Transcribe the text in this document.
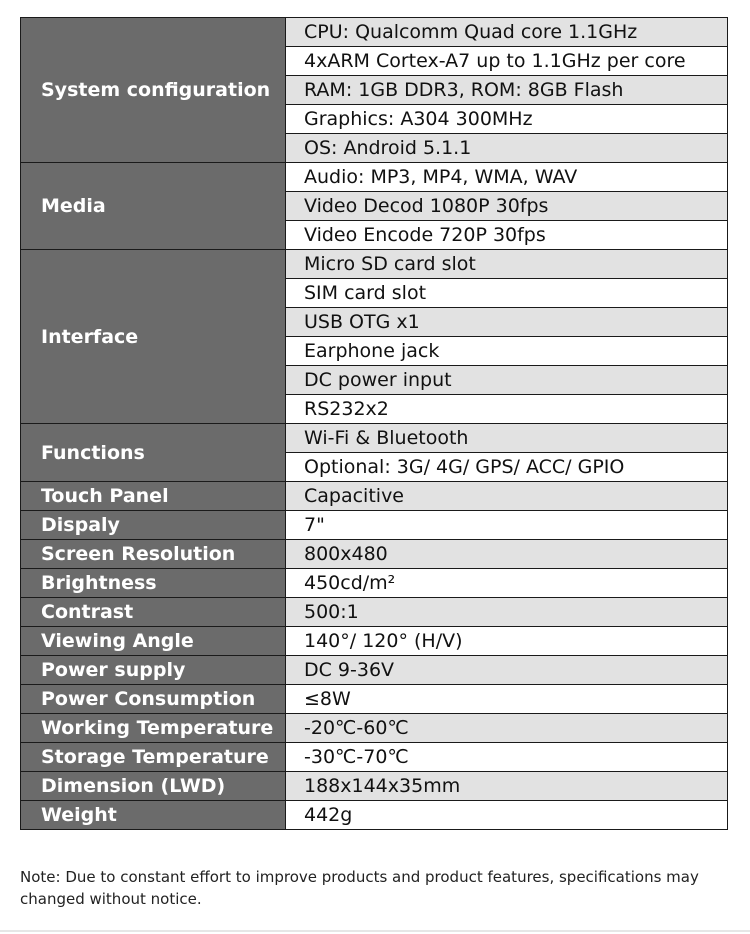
System configuration	CPU: Qualcomm Quad core 1.1GHz
	4xARM Cortex-A7 up to 1.1GHz per core
	RAM: 1GB DDR3, ROM: 8GB Flash
	Graphics: A304 300MHz
	OS: Android 5.1.1
Media	Audio: MP3, MP4, WMA, WAV
	Video Decod 1080P 30fps
	Video Encode 720P 30fps
Interface	Micro SD card slot
	SIM card slot
	USB OTG x1
	Earphone jack
	DC power input
	RS232x2
Functions	Wi-Fi & Bluetooth
	Optional: 3G/ 4G/ GPS/ ACC/ GPIO
Touch Panel	Capacitive
Dispaly	7"
Screen Resolution	800x480
Brightness	450cd/m²
Contrast	500:1
Viewing Angle	140°/ 120° (H/V)
Power supply	DC 9-36V
Power Consumption	≤8W
Working Temperature	-20℃-60℃
Storage Temperature	-30℃-70℃
Dimension (LWD)	188x144x35mm
Weight	442g
Note: Due to constant effort to improve products and product features, specifications may changed without notice.
